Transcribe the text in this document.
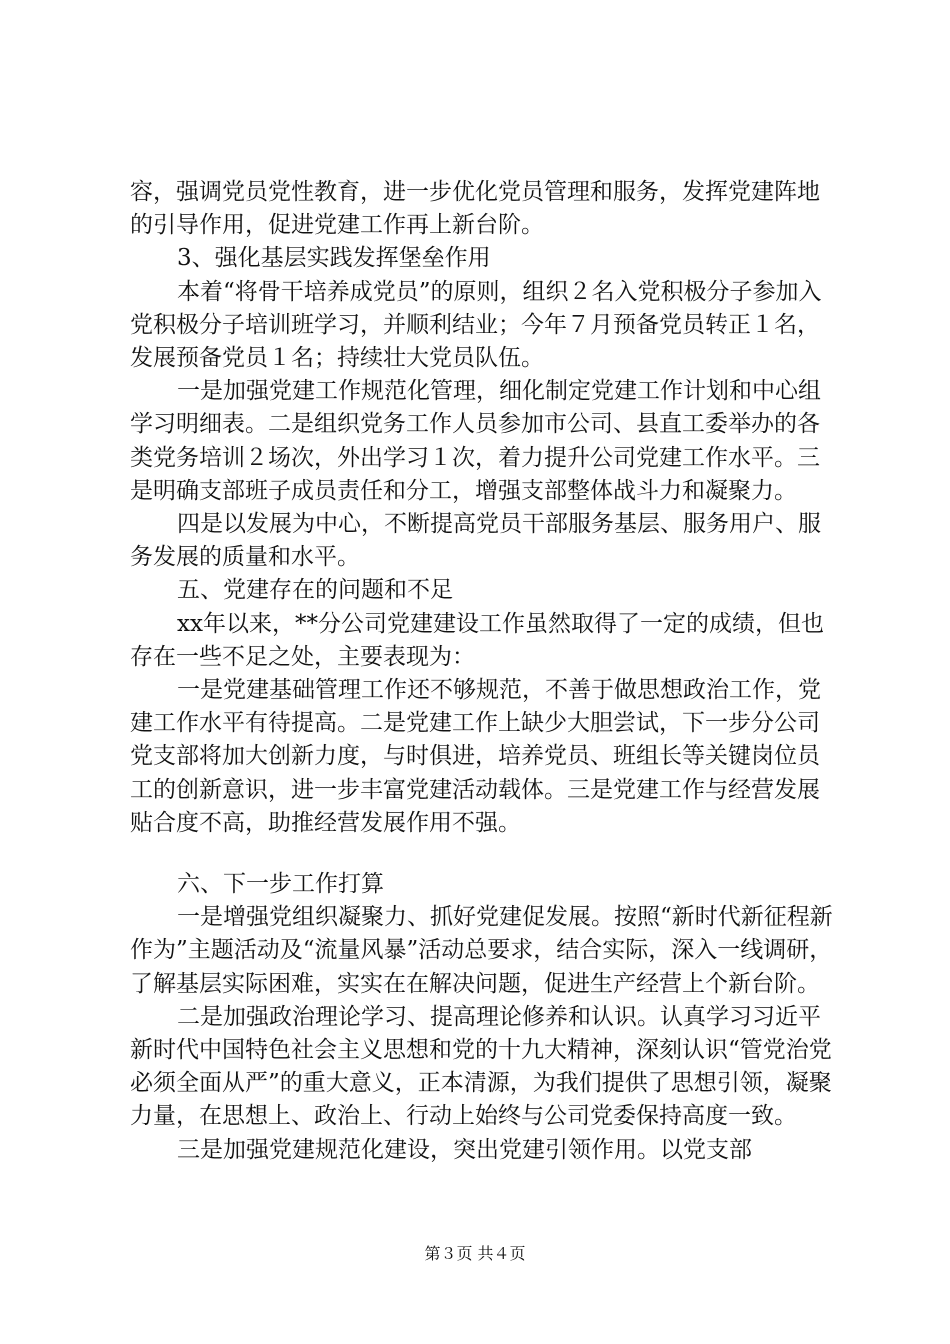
容，强调党员党性教育，进一步优化党员管理和服务，发挥党建阵地的引导作用，促进党建工作再上新台阶。

3、强化基层实践发挥堡垒作用

本着“将骨干培养成党员”的原则，组织２名入党积极分子参加入党积极分子培训班学习，并顺利结业；今年７月预备党员转正１名，发展预备党员１名；持续壮大党员队伍。

一是加强党建工作规范化管理，细化制定党建工作计划和中心组学习明细表。二是组织党务工作人员参加市公司、县直工委举办的各类党务培训２场次，外出学习１次，着力提升公司党建工作水平。三是明确支部班子成员责任和分工，增强支部整体战斗力和凝聚力。

四是以发展为中心，不断提高党员干部服务基层、服务用户、服务发展的质量和水平。

五、党建存在的问题和不足

xx年以来，**分公司党建建设工作虽然取得了一定的成绩，但也存在一些不足之处，主要表现为：

一是党建基础管理工作还不够规范，不善于做思想政治工作，党建工作水平有待提高。二是党建工作上缺少大胆尝试，下一步分公司党支部将加大创新力度，与时俱进，培养党员、班组长等关键岗位员工的创新意识，进一步丰富党建活动载体。三是党建工作与经营发展贴合度不高，助推经营发展作用不强。

六、下一步工作打算

一是增强党组织凝聚力、抓好党建促发展。按照“新时代新征程新作为”主题活动及“流量风暴”活动总要求，结合实际，深入一线调研，了解基层实际困难，实实在在解决问题，促进生产经营上个新台阶。

二是加强政治理论学习、提高理论修养和认识。认真学习习近平新时代中国特色社会主义思想和党的十九大精神，深刻认识“管党治党必须全面从严”的重大意义，正本清源，为我们提供了思想引领，凝聚力量，在思想上、政治上、行动上始终与公司党委保持高度一致。

三是加强党建规范化建设，突出党建引领作用。以党支部

第３页 共４页
